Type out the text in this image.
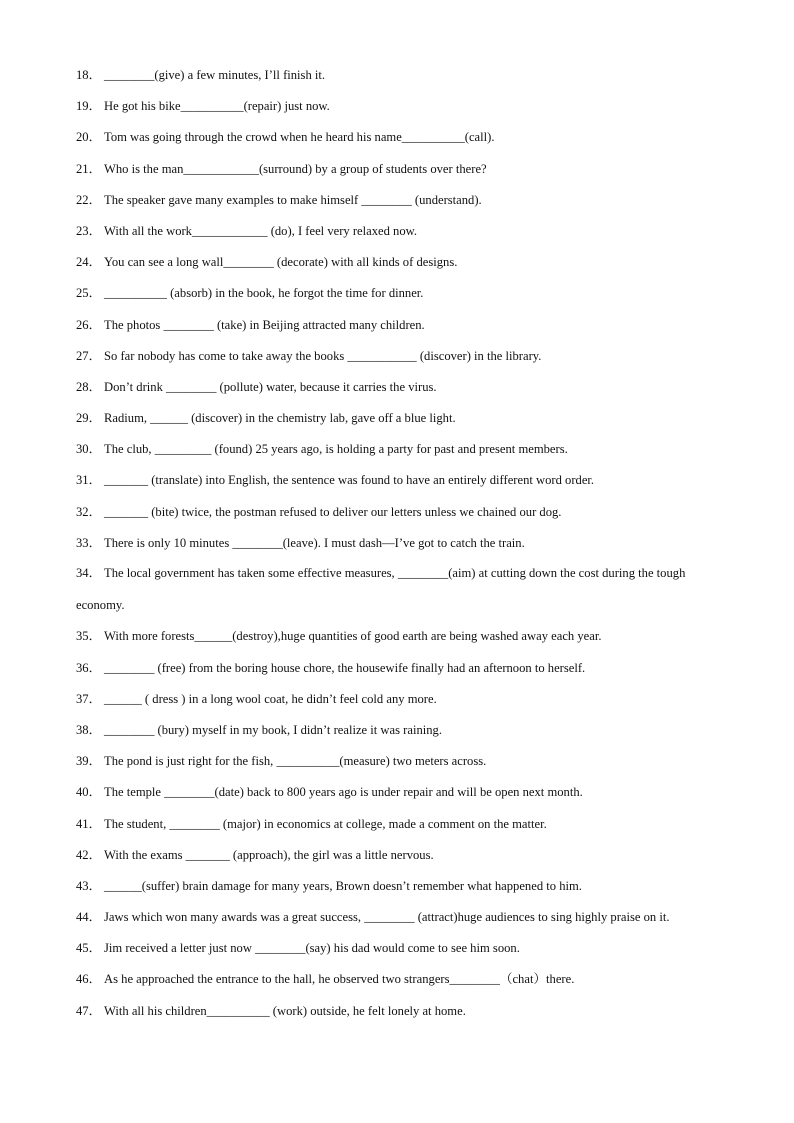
18． ________(give) a few minutes, I’ll finish it.
19． He got his bike__________(repair) just now.
20． Tom was going through the crowd when he heard his name__________(call).
21． Who is the man____________(surround) by a group of students over there?
22． The speaker gave many examples to make himself ________ (understand).
23． With all the work____________ (do), I feel very relaxed now.
24． You can see a long wall________ (decorate) with all kinds of designs.
25． __________ (absorb) in the book, he forgot the time for dinner.
26． The photos ________ (take) in Beijing attracted many children.
27． So far nobody has come to take away the books ___________ (discover) in the library.
28． Don’t drink ________ (pollute) water, because it carries the virus.
29． Radium, ______ (discover) in the chemistry lab, gave off a blue light.
30． The club, _________ (found) 25 years ago, is holding a party for past and present members.
31． _______ (translate) into English, the sentence was found to have an entirely different word order.
32． _______ (bite) twice, the postman refused to deliver our letters unless we chained our dog.
33． There is only 10 minutes ________(leave). I must dash—I’ve got to catch the train.
34． The local government has taken some effective measures, ________(aim) at cutting down the cost during the tough economy.
35． With more forests______(destroy),huge quantities of good earth are being washed away each year.
36． ________ (free) from the boring house chore, the housewife finally had an afternoon to herself.
37． ______ ( dress ) in a long wool coat, he didn’t feel cold any more.
38． ________ (bury) myself in my book, I didn’t realize it was raining.
39． The pond is just right for the fish, __________(measure) two meters across.
40． The temple ________(date) back to 800 years ago is under repair and will be open next month.
41． The student, ________ (major) in economics at college, made a comment on the matter.
42． With the exams _______ (approach), the girl was a little nervous.
43． ______(suffer) brain damage for many years, Brown doesn’t remember what happened to him.
44． Jaws which won many awards was a great success, ________ (attract)huge audiences to sing highly praise on it.
45． Jim received a letter just now ________(say) his dad would come to see him soon.
46． As he approached the entrance to the hall, he observed two strangers________（chat）there.
47． With all his children__________ (work) outside, he felt lonely at home.
